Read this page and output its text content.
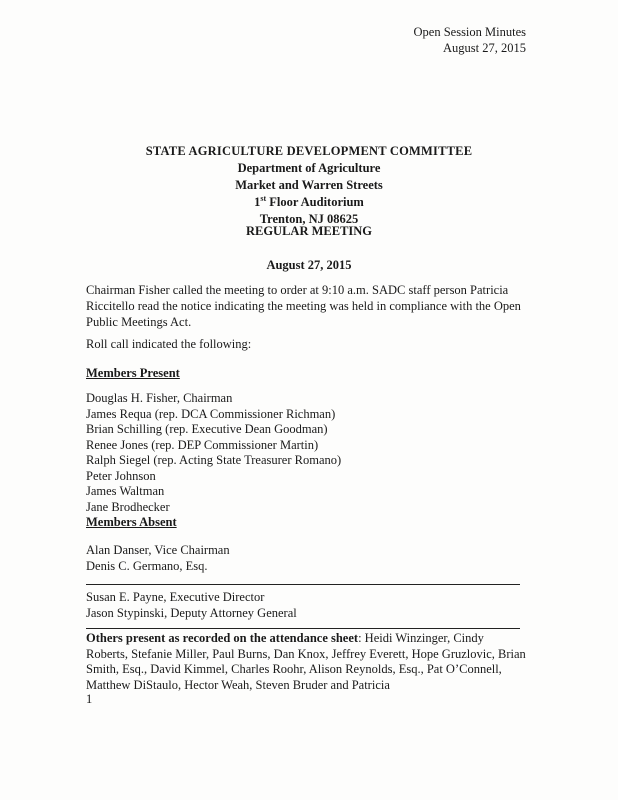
Open Session Minutes
August 27, 2015
STATE AGRICULTURE DEVELOPMENT COMMITTEE
Department of Agriculture
Market and Warren Streets
1st Floor Auditorium
Trenton, NJ 08625
REGULAR MEETING
August 27, 2015
Chairman Fisher called the meeting to order at 9:10 a.m. SADC staff person Patricia Riccitello read the notice indicating the meeting was held in compliance with the Open Public Meetings Act.
Roll call indicated the following:
Members Present
Douglas H. Fisher, Chairman
James Requa (rep. DCA Commissioner Richman)
Brian Schilling (rep. Executive Dean Goodman)
Renee Jones (rep. DEP Commissioner Martin)
Ralph Siegel (rep. Acting State Treasurer Romano)
Peter Johnson
James Waltman
Jane Brodhecker
Members Absent
Alan Danser, Vice Chairman
Denis C. Germano, Esq.
Susan E. Payne, Executive Director
Jason Stypinski, Deputy Attorney General
Others present as recorded on the attendance sheet: Heidi Winzinger, Cindy Roberts, Stefanie Miller, Paul Burns, Dan Knox, Jeffrey Everett, Hope Gruzlovic, Brian Smith, Esq., David Kimmel, Charles Roohr, Alison Reynolds, Esq., Pat O’Connell, Matthew DiStaulo, Hector Weah, Steven Bruder and Patricia
1
